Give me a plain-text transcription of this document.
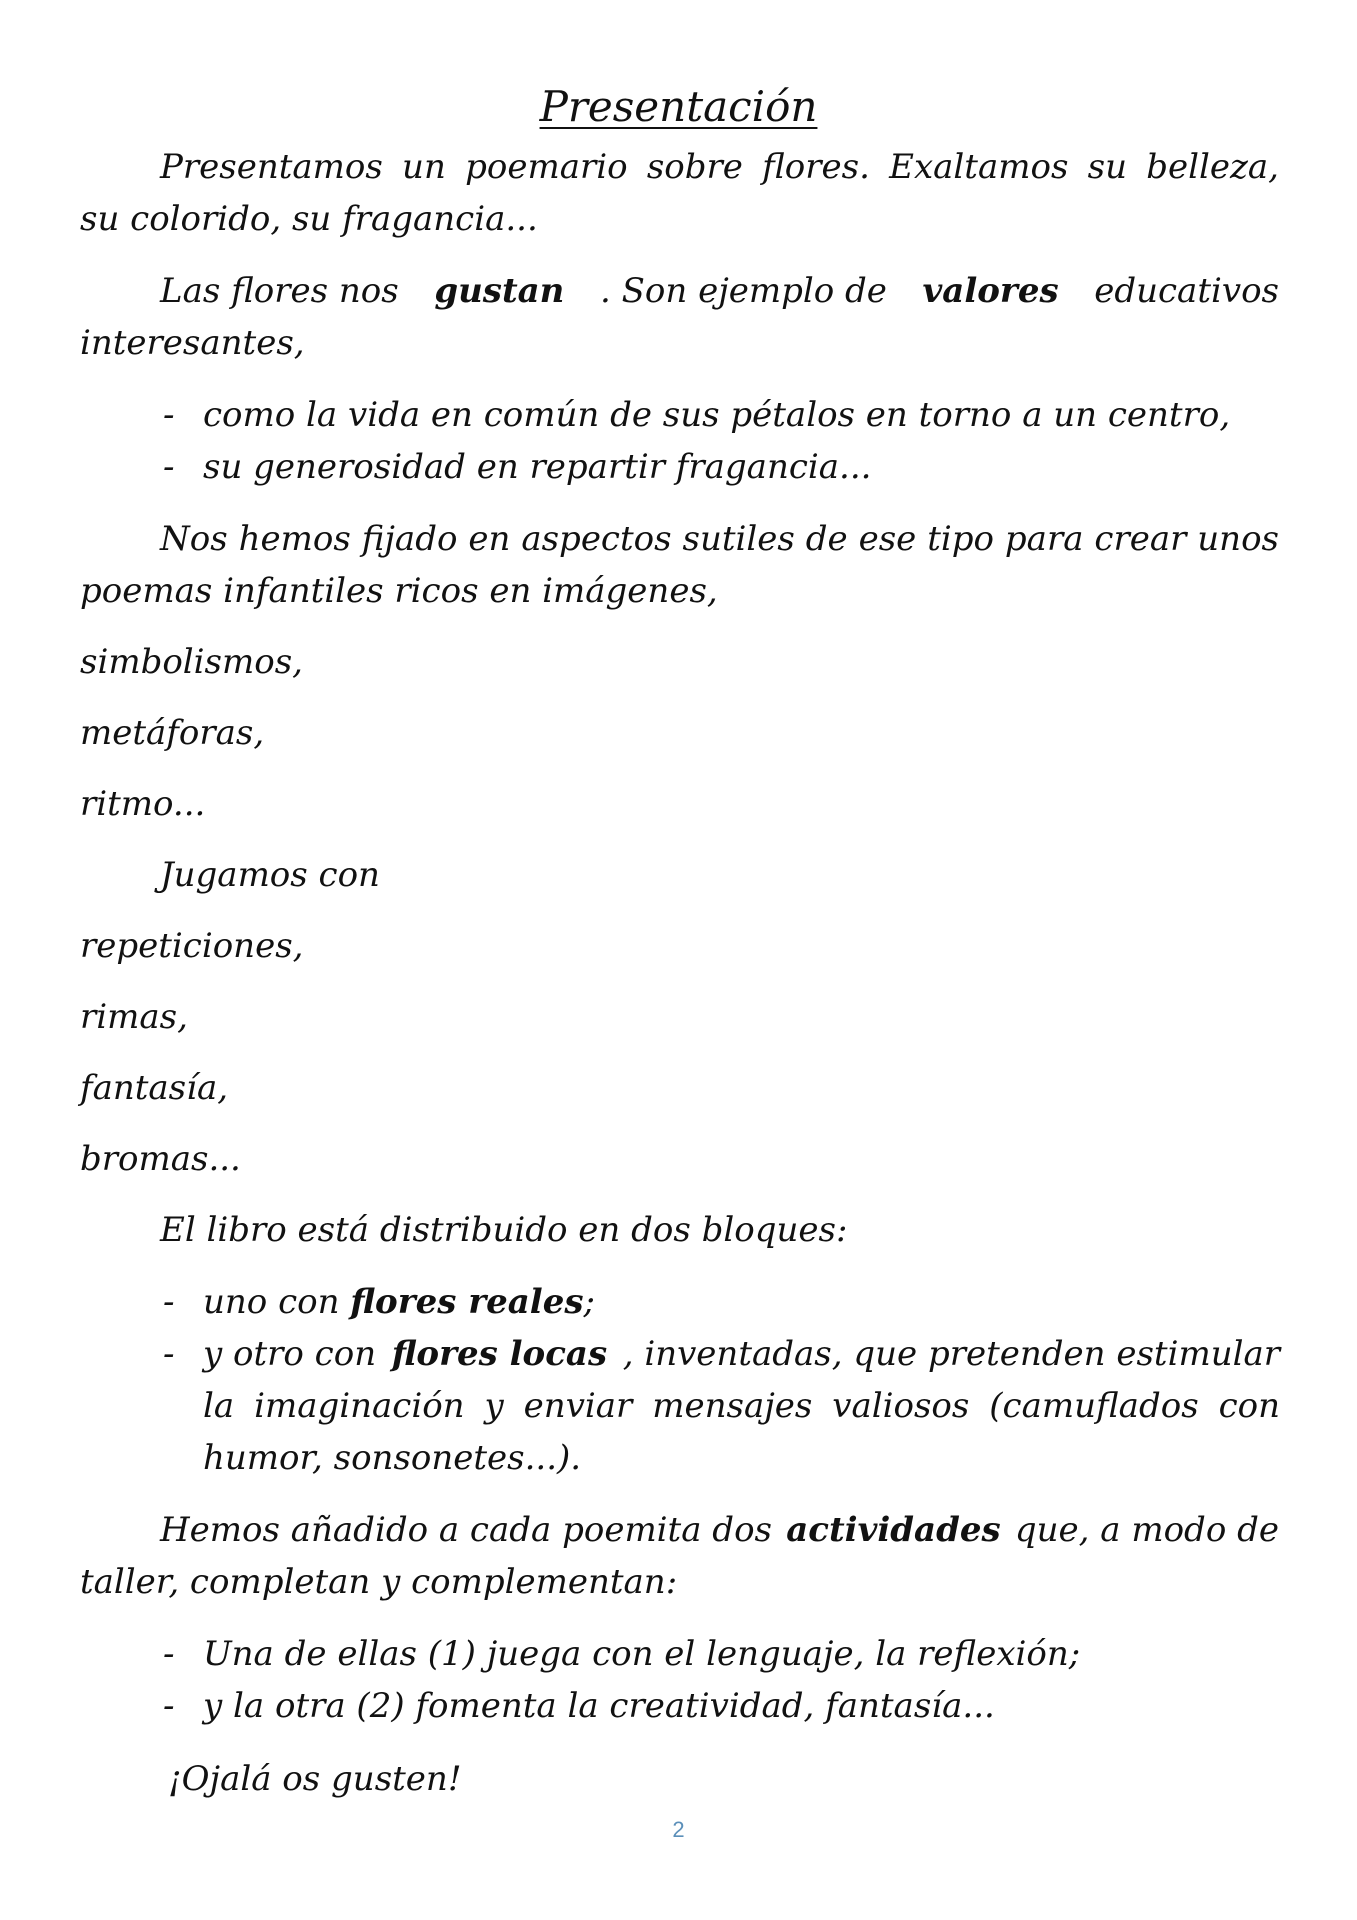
Presentación
Presentamos un poemario sobre flores. Exaltamos su belleza,
su colorido, su fragancia...
Las flores nos gustan . Son ejemplo de valores educativos
interesantes,
- como la vida en común de sus pétalos en torno a un centro,
- su generosidad en repartir fragancia...
Nos hemos fijado en aspectos sutiles de ese tipo para crear unos
poemas infantiles ricos en imágenes,
simbolismos,
metáforas,
ritmo...
Jugamos con
repeticiones,
rimas,
fantasía,
bromas...
El libro está distribuido en dos bloques:
- uno con flores reales;
- y otro con flores locas , inventadas, que pretenden estimular
la imaginación y enviar mensajes valiosos (camuflados con
humor, sonsonetes...).
Hemos añadido a cada poemita dos actividades que, a modo de
taller, completan y complementan:
- Una de ellas (1) juega con el lenguaje, la reflexión;
- y la otra (2) fomenta la creatividad, fantasía...
¡Ojalá os gusten!
2
